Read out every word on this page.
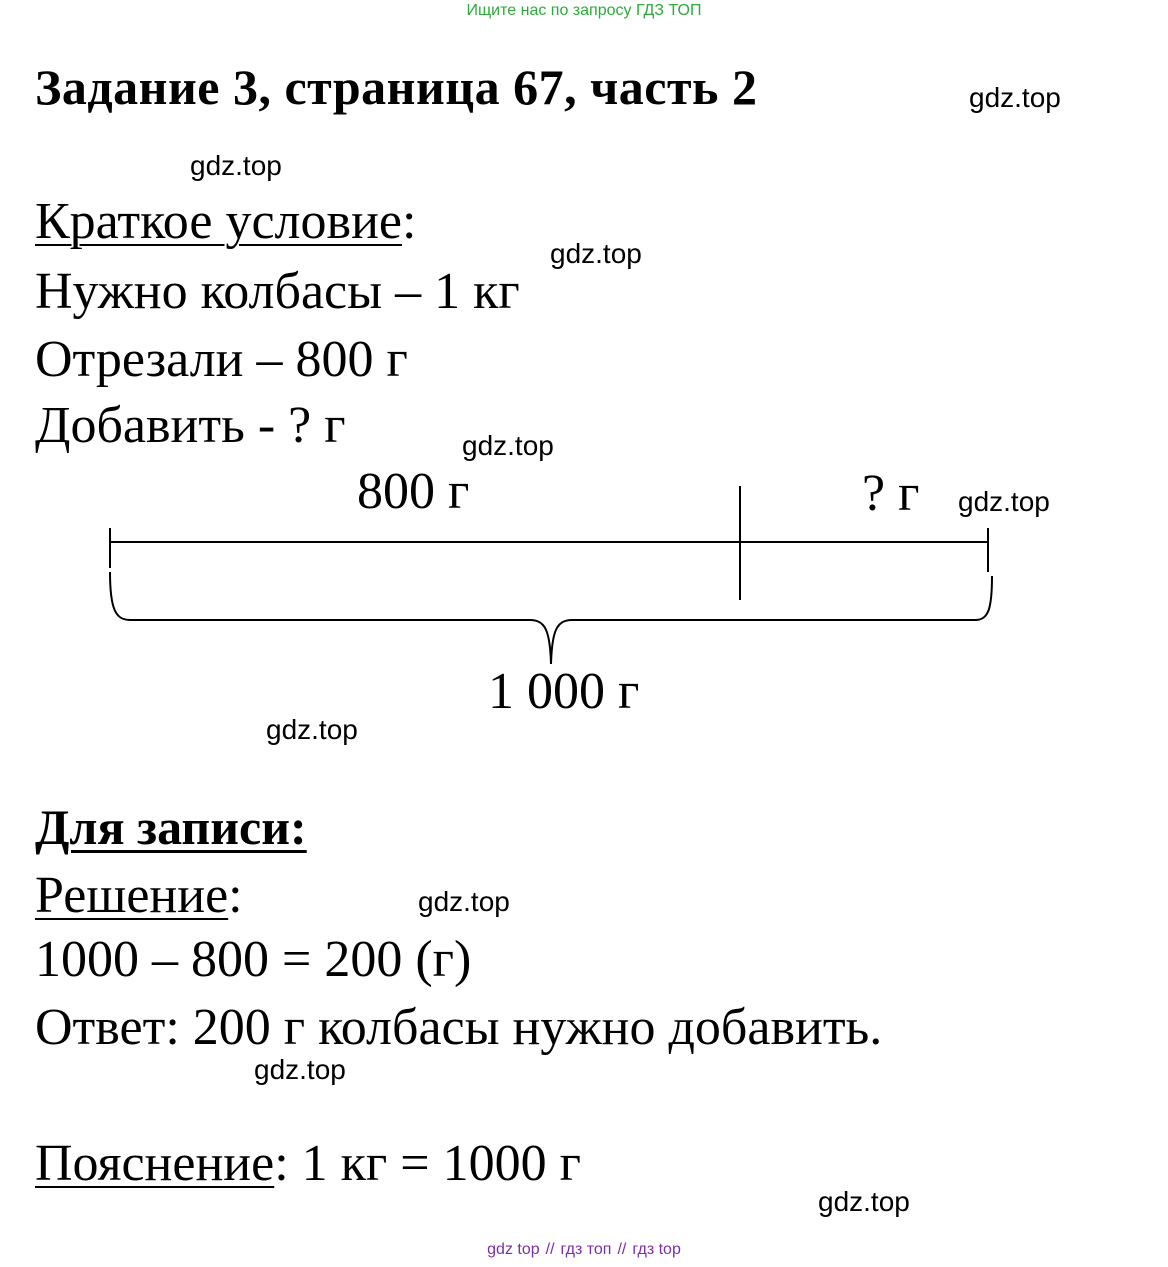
Ищите нас по запросу ГДЗ ТОП
Задание 3, страница 67, часть 2	gdz.top
gdz.top
gdz.top
gdz.top
gdz.top
gdz.top
gdz.top
gdz.top
gdz.top
Краткое условие:
Нужно колбасы – 1 кг
Отрезали – 800 г
Добавить - ? г
800 г	? г
1 000 г
Для записи:
Решение:
1000 – 800 = 200 (г)
Ответ: 200 г колбасы нужно добавить.
Пояснение: 1 кг = 1000 г
gdz top // гдз топ // гдз top
